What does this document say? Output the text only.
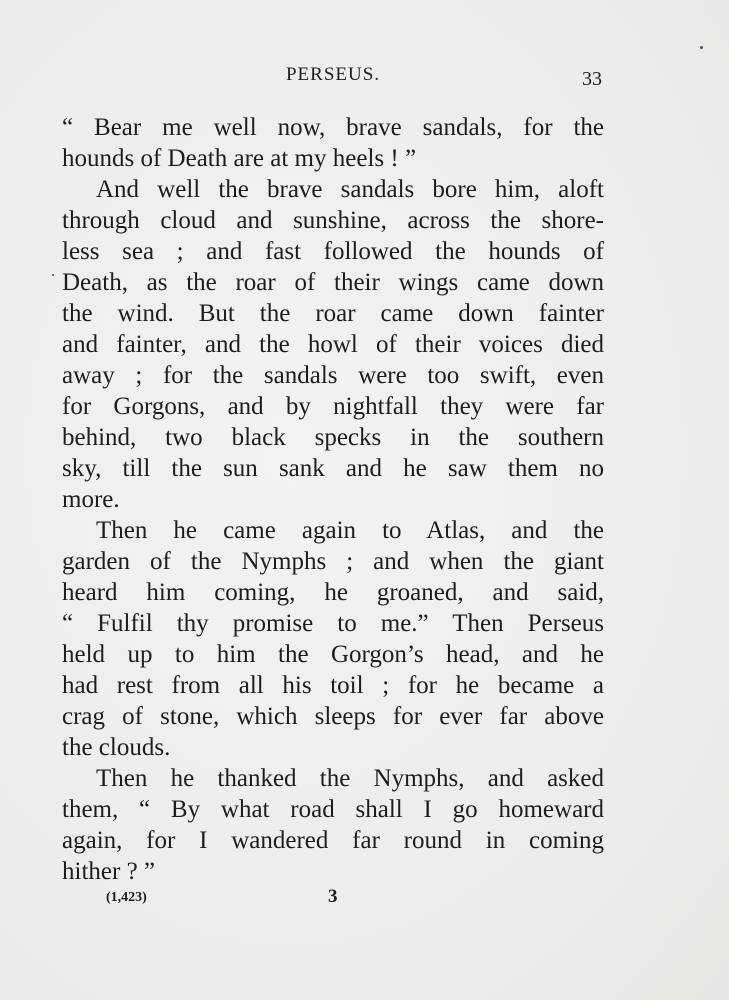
PERSEUS.	33
“ Bear me well now, brave sandals, for the
hounds of Death are at my heels ! ”
And well the brave sandals bore him, aloft
through cloud and sunshine, across the shore-
less sea ; and fast followed the hounds of
Death, as the roar of their wings came down
the wind. But the roar came down fainter
and fainter, and the howl of their voices died
away ; for the sandals were too swift, even
for Gorgons, and by nightfall they were far
behind, two black specks in the southern
sky, till the sun sank and he saw them no
more.
Then he came again to Atlas, and the
garden of the Nymphs ; and when the giant
heard him coming, he groaned, and said,
“ Fulfil thy promise to me.” Then Perseus
held up to him the Gorgon’s head, and he
had rest from all his toil ; for he became a
crag of stone, which sleeps for ever far above
the clouds.
Then he thanked the Nymphs, and asked
them, “ By what road shall I go homeward
again, for I wandered far round in coming
hither ? ”
(1,423)	3
